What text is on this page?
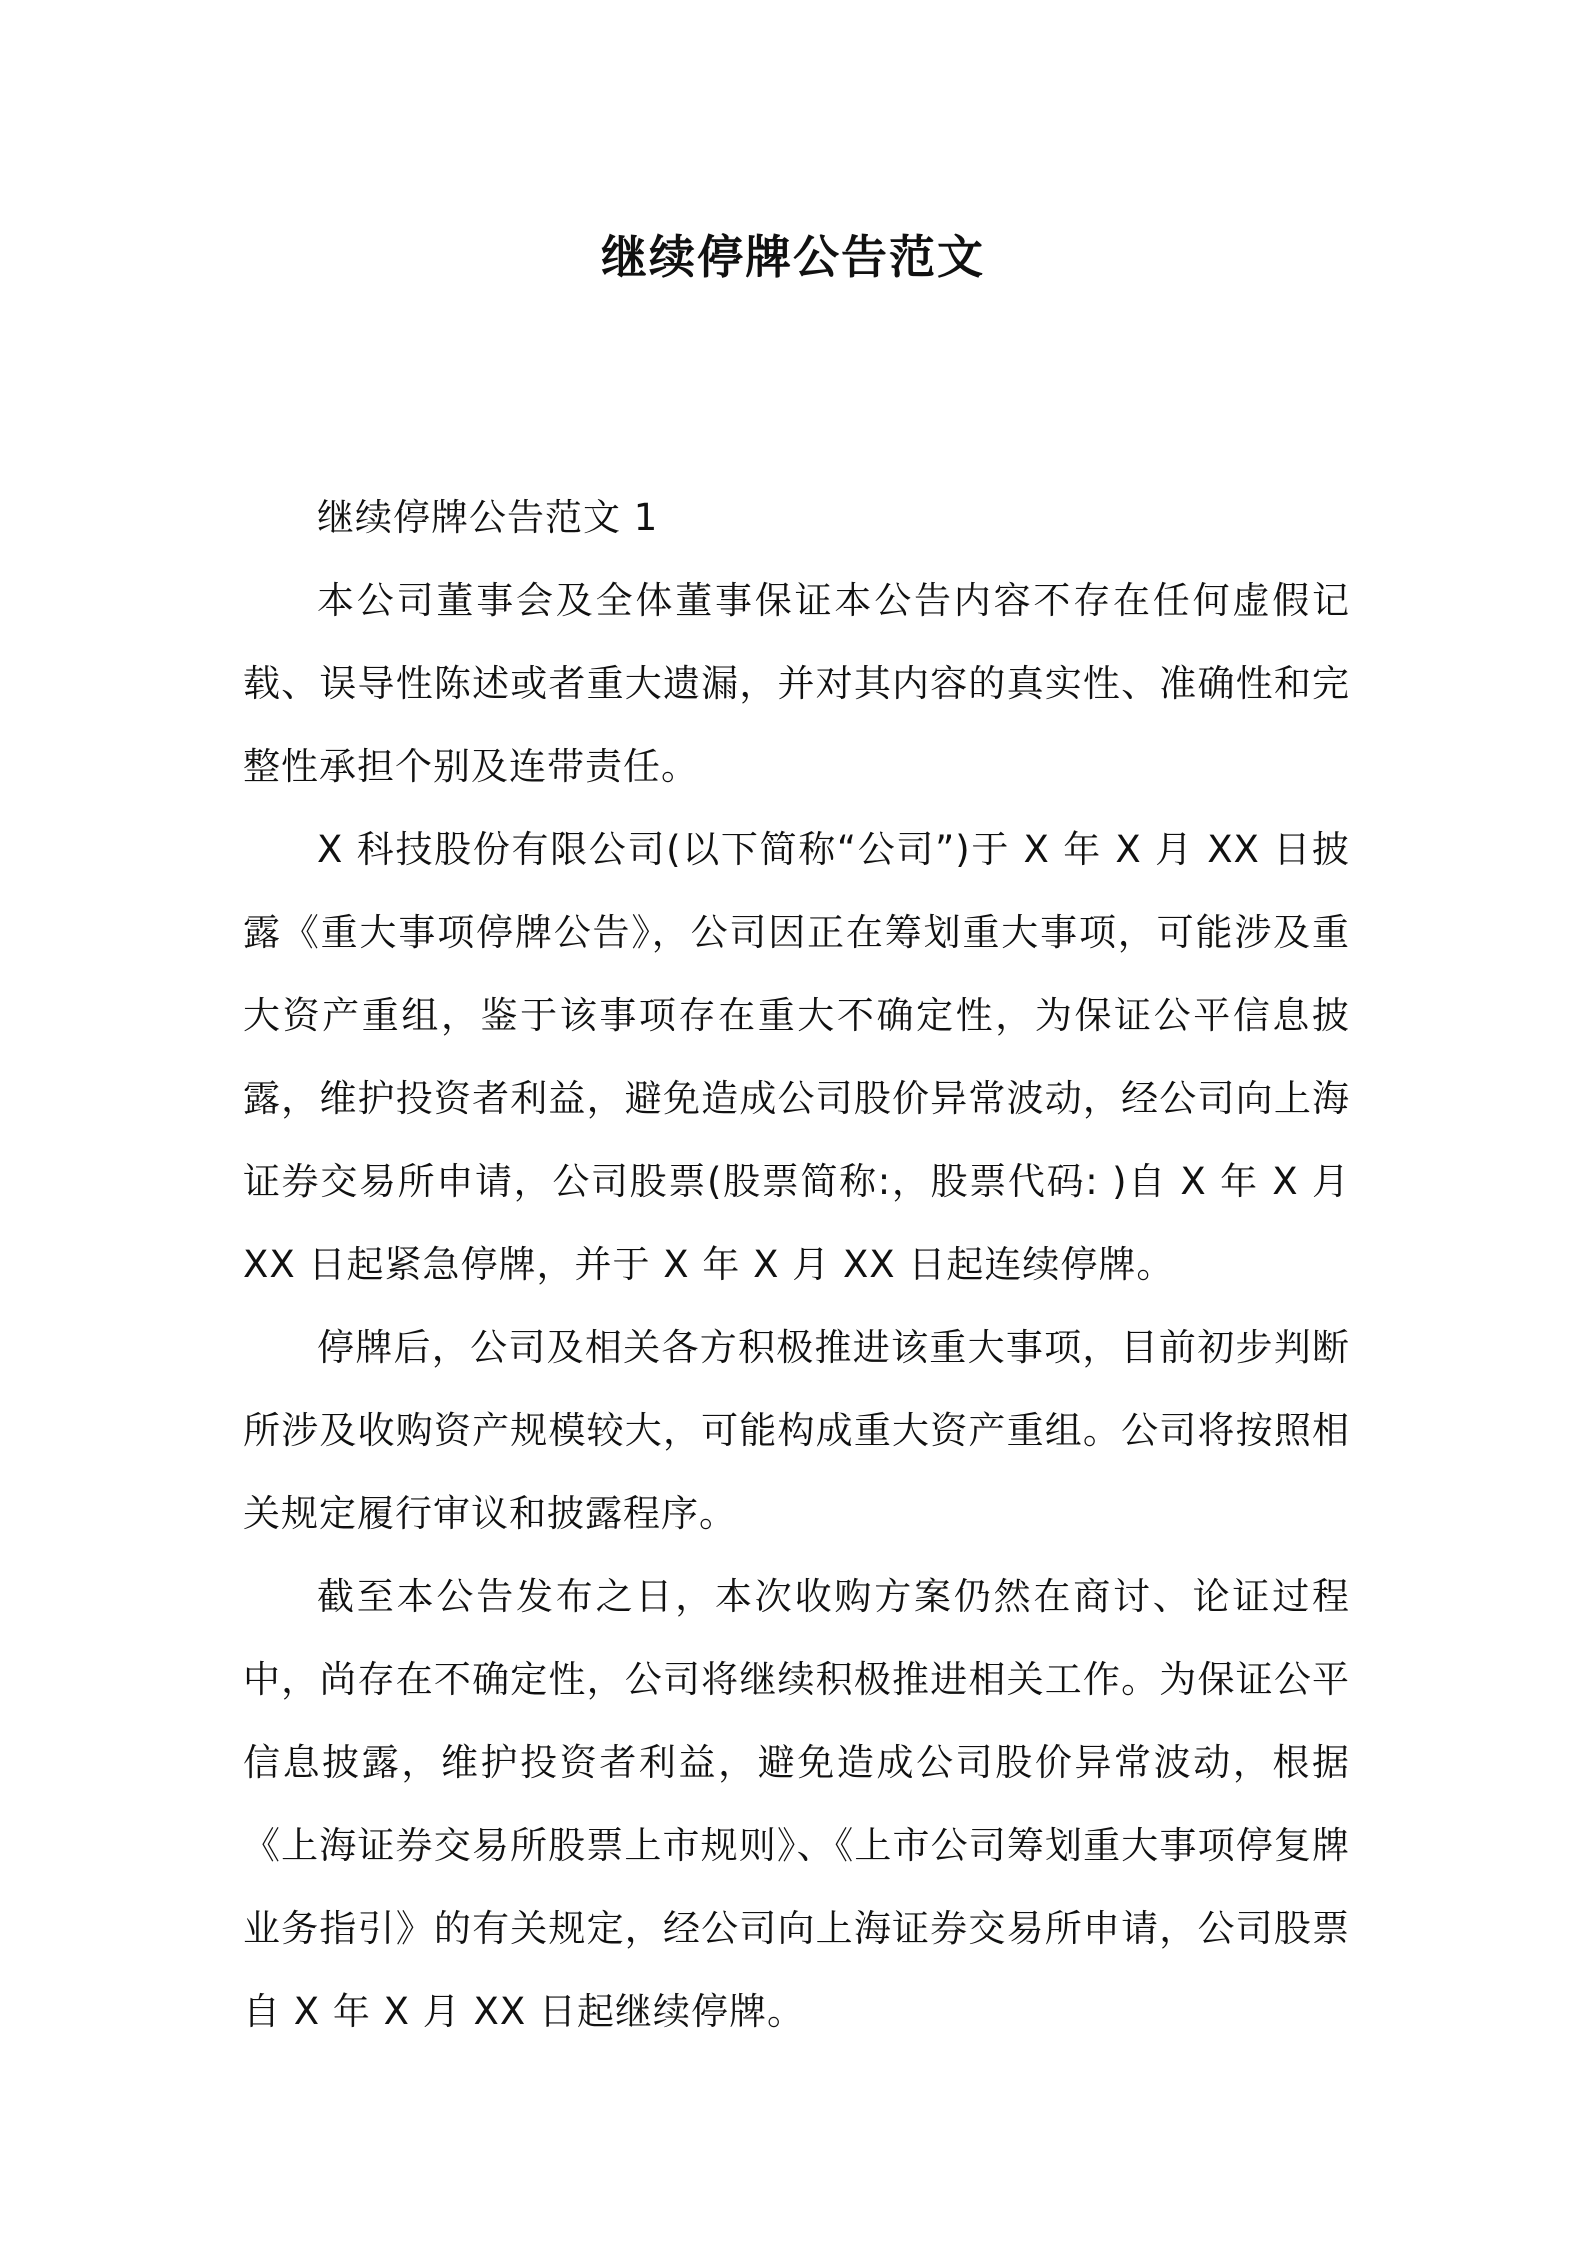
继续停牌公告范文

继续停牌公告范文 1

本公司董事会及全体董事保证本公告内容不存在任何虚假记载、误导性陈述或者重大遗漏，并对其内容的真实性、准确性和完整性承担个别及连带责任。

X 科技股份有限公司(以下简称“公司”)于 X 年 X 月 XX 日披露《重大事项停牌公告》，公司因正在筹划重大事项，可能涉及重大资产重组，鉴于该事项存在重大不确定性，为保证公平信息披露，维护投资者利益，避免造成公司股价异常波动，经公司向上海证券交易所申请，公司股票(股票简称:，股票代码: )自 X 年 X 月 XX 日起紧急停牌，并于 X 年 X 月 XX 日起连续停牌。

停牌后，公司及相关各方积极推进该重大事项，目前初步判断所涉及收购资产规模较大，可能构成重大资产重组。公司将按照相关规定履行审议和披露程序。

截至本公告发布之日，本次收购方案仍然在商讨、论证过程中，尚存在不确定性，公司将继续积极推进相关工作。为保证公平信息披露，维护投资者利益，避免造成公司股价异常波动，根据《上海证券交易所股票上市规则》、《上市公司筹划重大事项停复牌业务指引》的有关规定，经公司向上海证券交易所申请，公司股票自 X 年 X 月 XX 日起继续停牌。
